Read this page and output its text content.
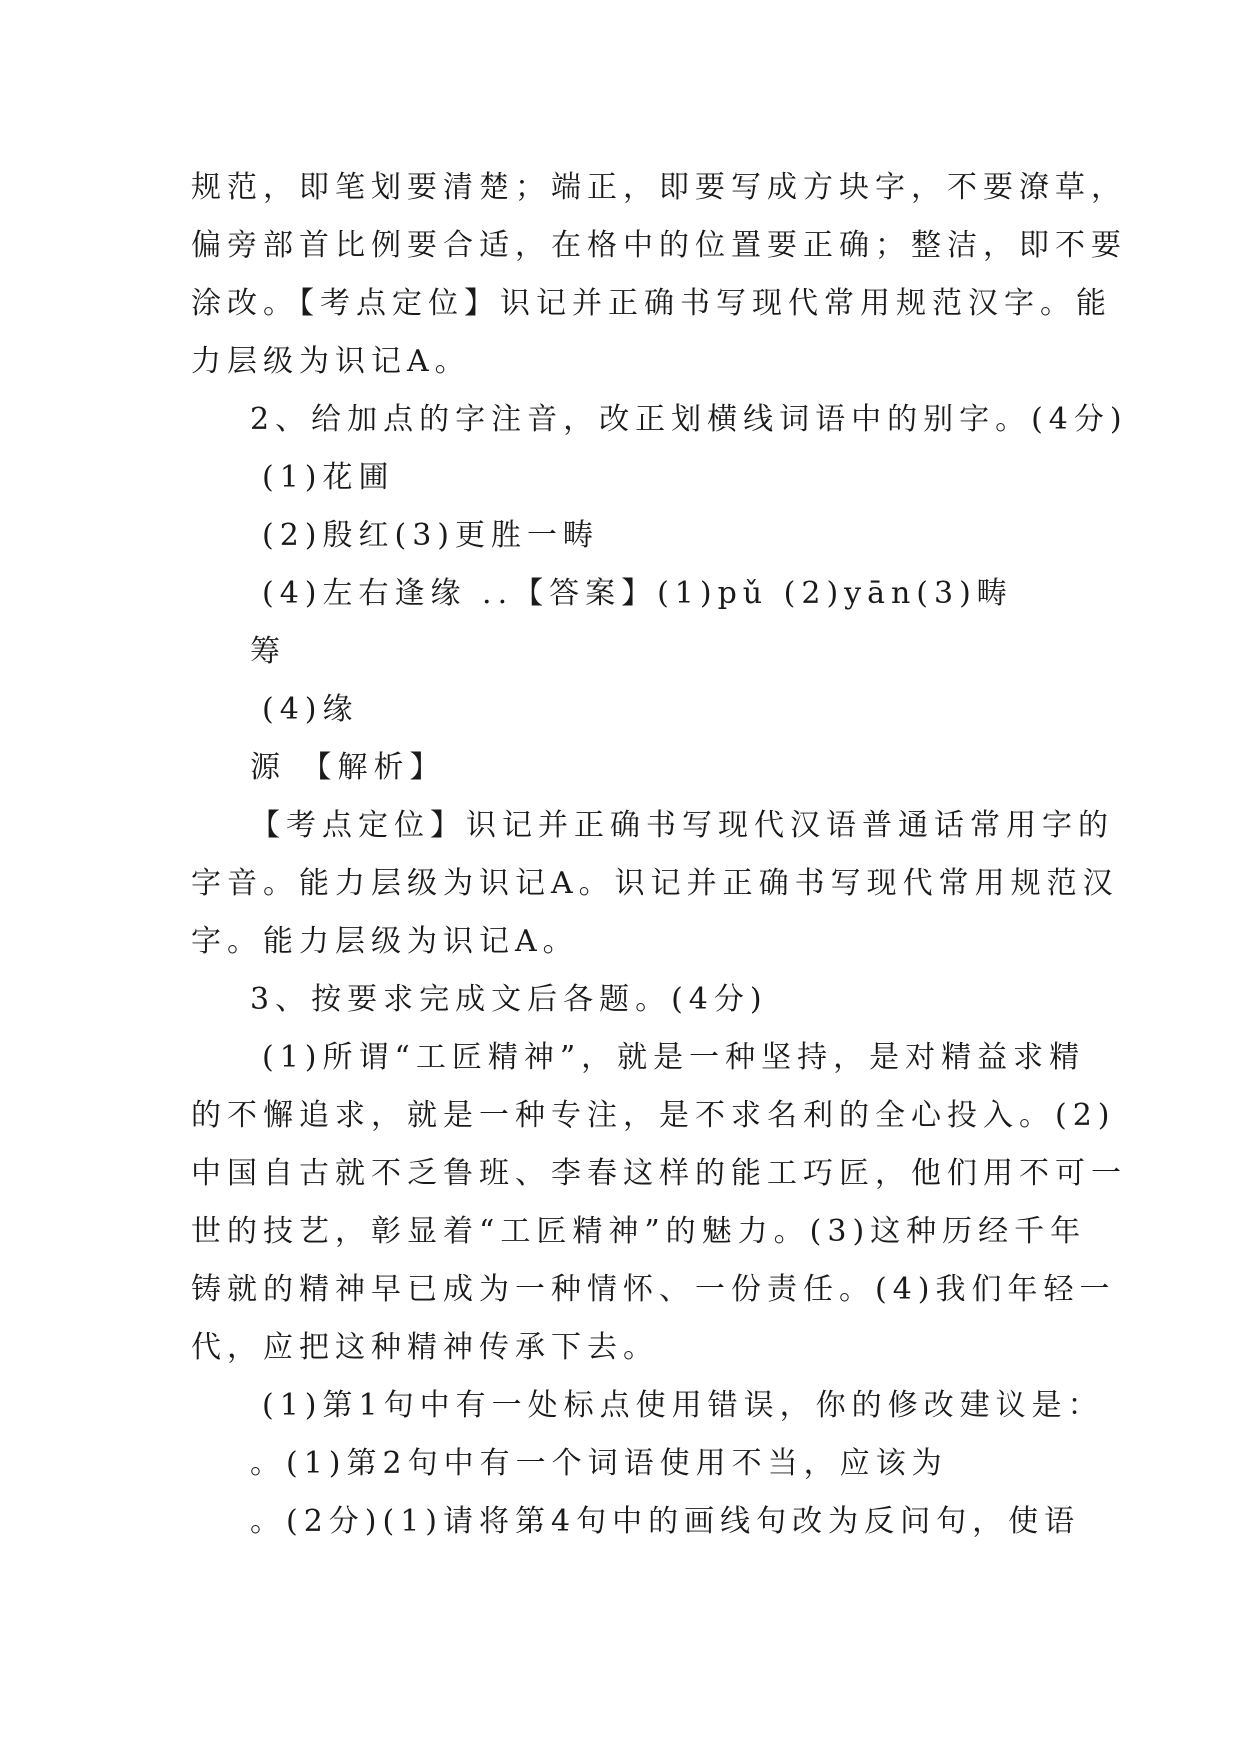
规范，即笔划要清楚；端正，即要写成方块字，不要潦草，
偏旁部首比例要合适，在格中的位置要正确；整洁，即不要
涂改。【考点定位】识记并正确书写现代常用规范汉字。能
力层级为识记A。
2、给加点的字注音，改正划横线词语中的别字。(4分)
(1)花圃
(2)殷红(3)更胜一畴
(4)左右逢缘 ..【答案】(1)pǔ (2)yān(3)畴
筹
(4)缘
源 【解析】
【考点定位】识记并正确书写现代汉语普通话常用字的
字音。能力层级为识记A。识记并正确书写现代常用规范汉
字。能力层级为识记A。
3、按要求完成文后各题。(4分)
(1)所谓“工匠精神”，就是一种坚持，是对精益求精
的不懈追求，就是一种专注，是不求名利的全心投入。(2)
中国自古就不乏鲁班、李春这样的能工巧匠，他们用不可一
世的技艺，彰显着“工匠精神”的魅力。(3)这种历经千年
铸就的精神早已成为一种情怀、一份责任。(4)我们年轻一
代，应把这种精神传承下去。
(1)第1句中有一处标点使用错误，你的修改建议是：
。(1)第2句中有一个词语使用不当，应该为
。(2分)(1)请将第4句中的画线句改为反问句，使语
